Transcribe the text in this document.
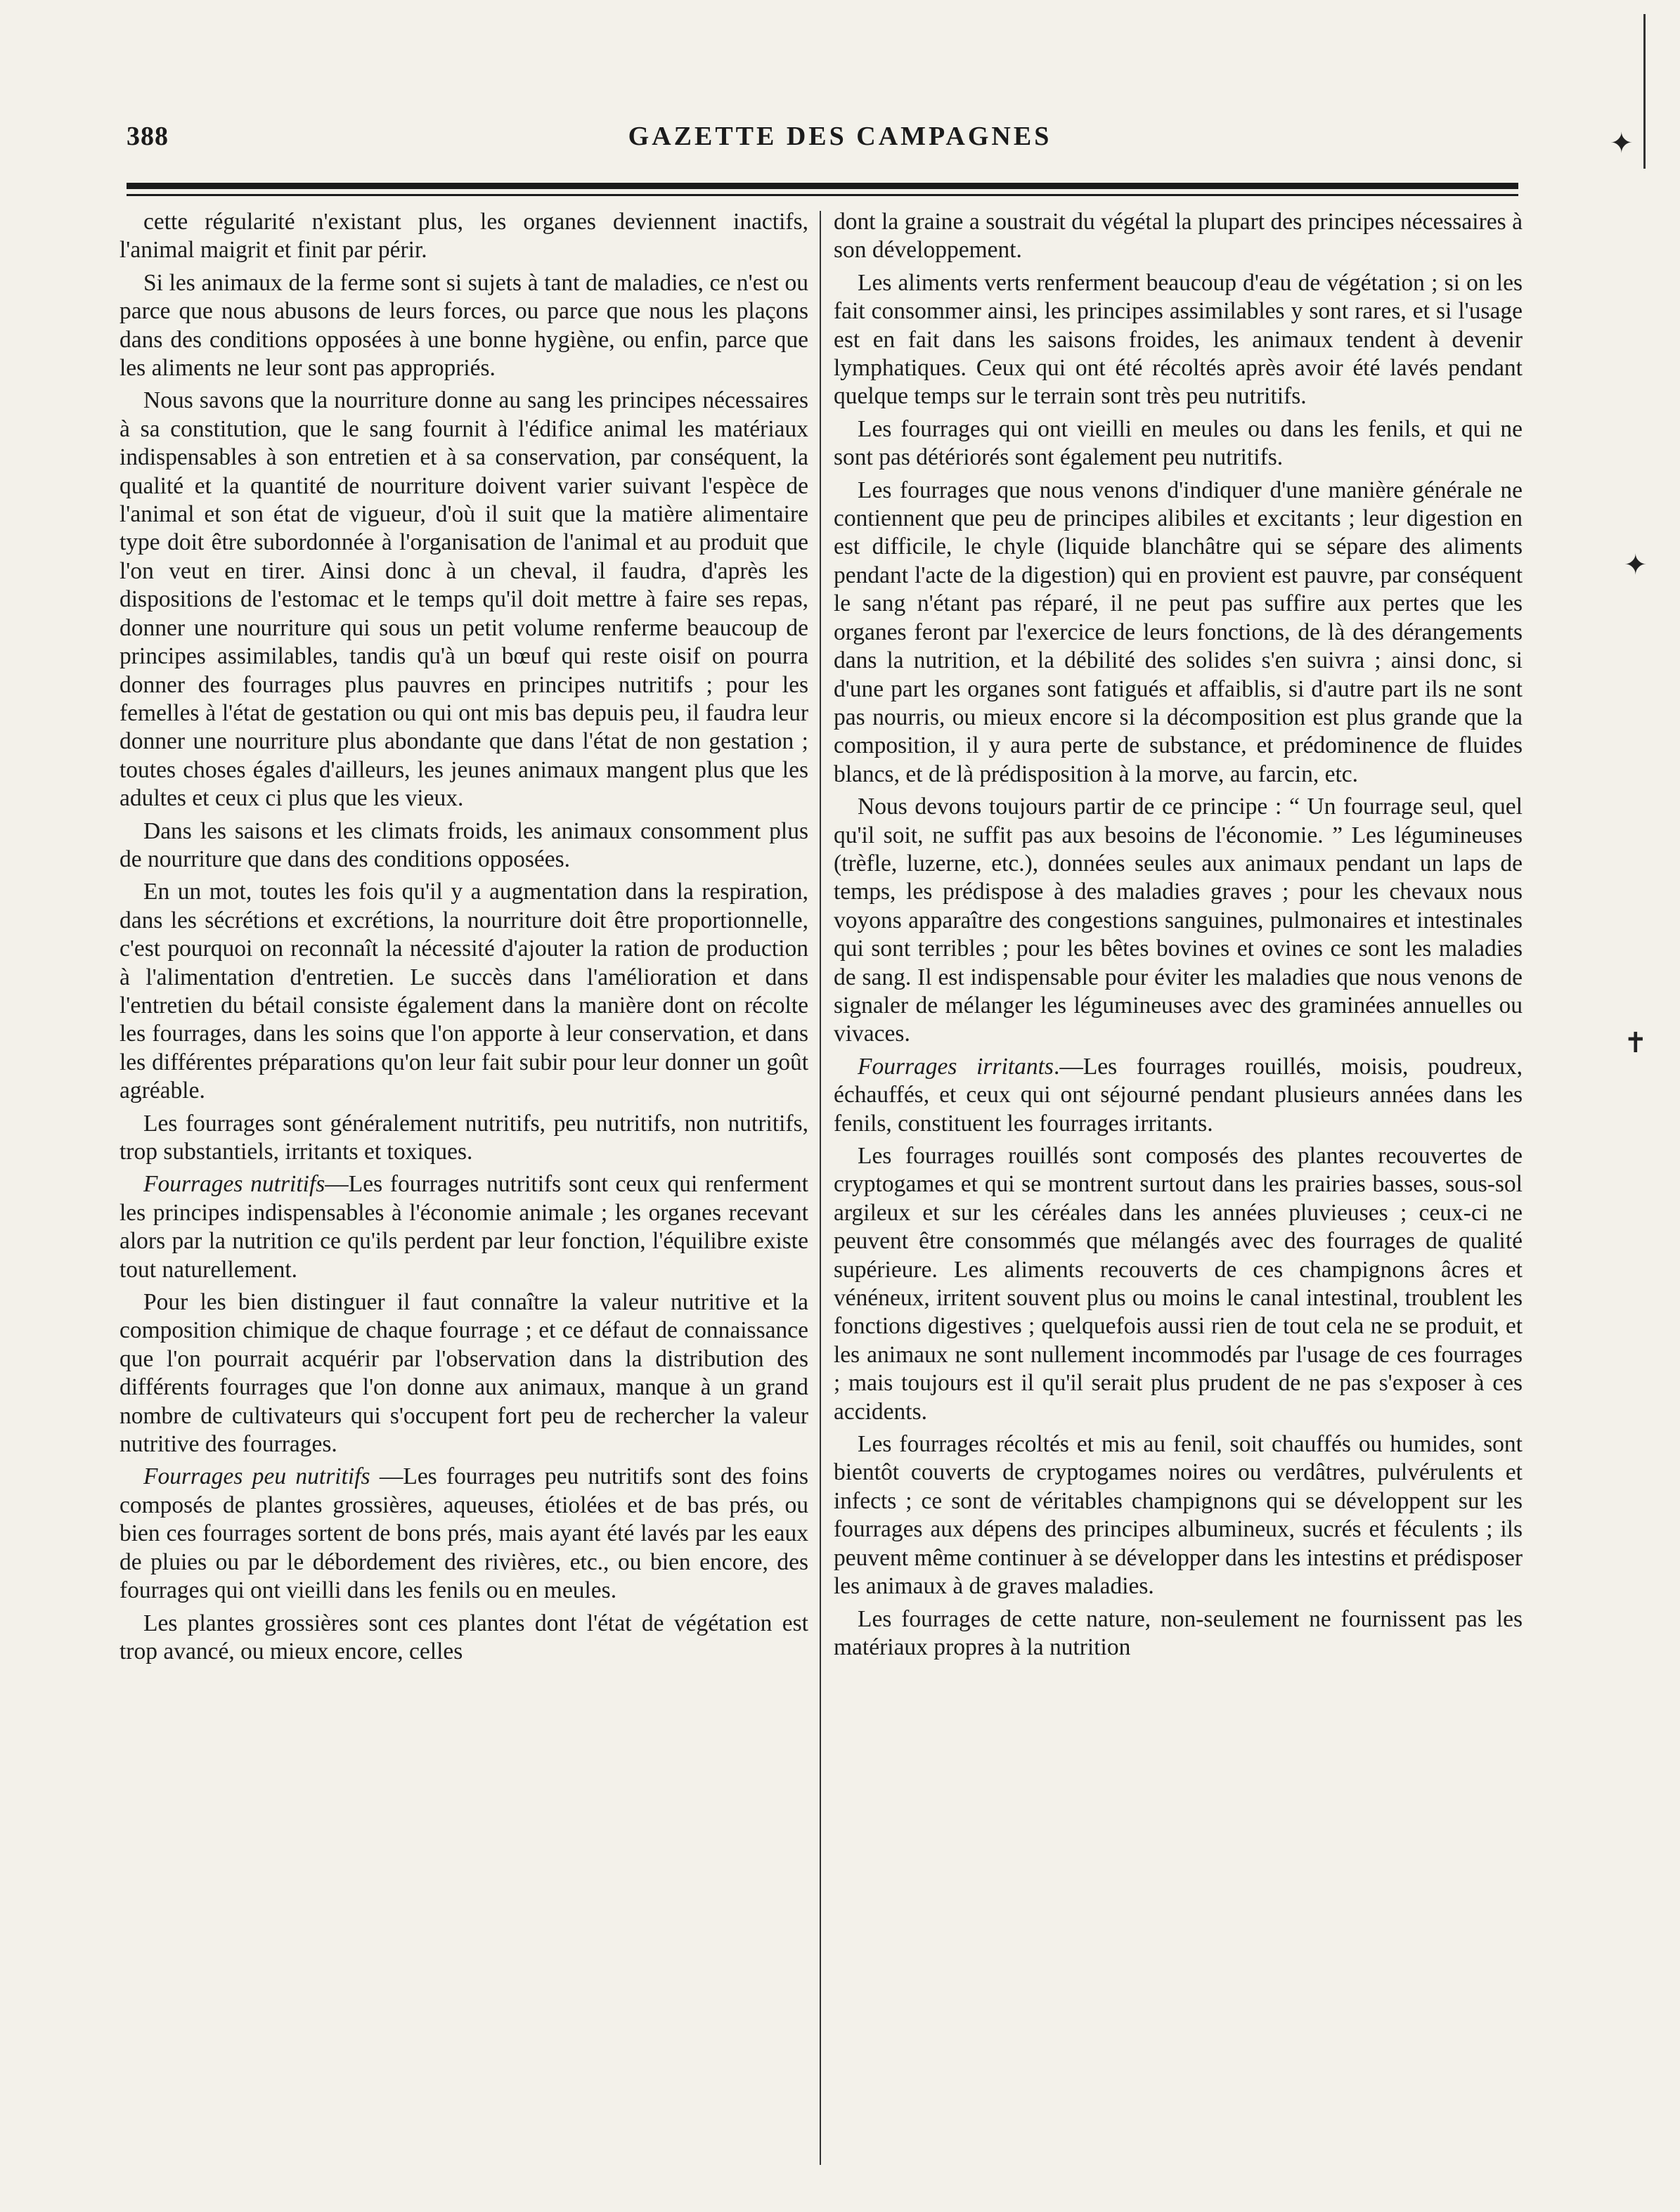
388	GAZETTE DES CAMPAGNES

cette régularité n'existant plus, les organes deviennent inactifs, l'animal maigrit et finit par périr.

Si les animaux de la ferme sont si sujets à tant de maladies, ce n'est ou parce que nous abusons de leurs forces, ou parce que nous les plaçons dans des conditions opposées à une bonne hygiène, ou enfin, parce que les aliments ne leur sont pas appropriés.

Nous savons que la nourriture donne au sang les principes nécessaires à sa constitution, que le sang fournit à l'édifice animal les matériaux indispensables à son entretien et à sa conservation, par conséquent, la qualité et la quantité de nourriture doivent varier suivant l'espèce de l'animal et son état de vigueur, d'où il suit que la matière alimentaire type doit être subordonnée à l'organisation de l'animal et au produit que l'on veut en tirer. Ainsi donc à un cheval, il faudra, d'après les dispositions de l'estomac et le temps qu'il doit mettre à faire ses repas, donner une nourriture qui sous un petit volume renferme beaucoup de principes assimilables, tandis qu'à un bœuf qui reste oisif on pourra donner des fourrages plus pauvres en principes nutritifs ; pour les femelles à l'état de gestation ou qui ont mis bas depuis peu, il faudra leur donner une nourriture plus abondante que dans l'état de non gestation ; toutes choses égales d'ailleurs, les jeunes animaux mangent plus que les adultes et ceux ci plus que les vieux.

Dans les saisons et les climats froids, les animaux consomment plus de nourriture que dans des conditions opposées.

En un mot, toutes les fois qu'il y a augmentation dans la respiration, dans les sécrétions et excrétions, la nourriture doit être proportionnelle, c'est pourquoi on reconnaît la nécessité d'ajouter la ration de production à l'alimentation d'entretien. Le succès dans l'amélioration et dans l'entretien du bétail consiste également dans la manière dont on récolte les fourrages, dans les soins que l'on apporte à leur conservation, et dans les différentes préparations qu'on leur fait subir pour leur donner un goût agréable.

Les fourrages sont généralement nutritifs, peu nutritifs, non nutritifs, trop substantiels, irritants et toxiques.

Fourrages nutritifs—Les fourrages nutritifs sont ceux qui renferment les principes indispensables à l'économie animale ; les organes recevant alors par la nutrition ce qu'ils perdent par leur fonction, l'équilibre existe tout naturellement.

Pour les bien distinguer il faut connaître la valeur nutritive et la composition chimique de chaque fourrage ; et ce défaut de connaissance que l'on pourrait acquérir par l'observation dans la distribution des différents fourrages que l'on donne aux animaux, manque à un grand nombre de cultivateurs qui s'occupent fort peu de rechercher la valeur nutritive des fourrages.

Fourrages peu nutritifs —Les fourrages peu nutritifs sont des foins composés de plantes grossières, aqueuses, étiolées et de bas prés, ou bien ces fourrages sortent de bons prés, mais ayant été lavés par les eaux de pluies ou par le débordement des rivières, etc., ou bien encore, des fourrages qui ont vieilli dans les fenils ou en meules.

Les plantes grossières sont ces plantes dont l'état de végétation est trop avancé, ou mieux encore, celles

dont la graine a soustrait du végétal la plupart des principes nécessaires à son développement.

Les aliments verts renferment beaucoup d'eau de végétation ; si on les fait consommer ainsi, les principes assimilables y sont rares, et si l'usage est en fait dans les saisons froides, les animaux tendent à devenir lymphatiques. Ceux qui ont été récoltés après avoir été lavés pendant quelque temps sur le terrain sont très peu nutritifs.

Les fourrages qui ont vieilli en meules ou dans les fenils, et qui ne sont pas détériorés sont également peu nutritifs.

Les fourrages que nous venons d'indiquer d'une manière générale ne contiennent que peu de principes alibiles et excitants ; leur digestion en est difficile, le chyle (liquide blanchâtre qui se sépare des aliments pendant l'acte de la digestion) qui en provient est pauvre, par conséquent le sang n'étant pas réparé, il ne peut pas suffire aux pertes que les organes feront par l'exercice de leurs fonctions, de là des dérangements dans la nutrition, et la débilité des solides s'en suivra ; ainsi donc, si d'une part les organes sont fatigués et affaiblis, si d'autre part ils ne sont pas nourris, ou mieux encore si la décomposition est plus grande que la composition, il y aura perte de substance, et prédominence de fluides blancs, et de là prédisposition à la morve, au farcin, etc.

Nous devons toujours partir de ce principe : “ Un fourrage seul, quel qu'il soit, ne suffit pas aux besoins de l'économie. ” Les légumineuses (trèfle, luzerne, etc.), données seules aux animaux pendant un laps de temps, les prédispose à des maladies graves ; pour les chevaux nous voyons apparaître des congestions sanguines, pulmonaires et intestinales qui sont terribles ; pour les bêtes bovines et ovines ce sont les maladies de sang. Il est indispensable pour éviter les maladies que nous venons de signaler de mélanger les légumineuses avec des graminées annuelles ou vivaces.

Fourrages irritants.—Les fourrages rouillés, moisis, poudreux, échauffés, et ceux qui ont séjourné pendant plusieurs années dans les fenils, constituent les fourrages irritants.

Les fourrages rouillés sont composés des plantes recouvertes de cryptogames et qui se montrent surtout dans les prairies basses, sous-sol argileux et sur les céréales dans les années pluvieuses ; ceux-ci ne peuvent être consommés que mélangés avec des fourrages de qualité supérieure. Les aliments recouverts de ces champignons âcres et vénéneux, irritent souvent plus ou moins le canal intestinal, troublent les fonctions digestives ; quelquefois aussi rien de tout cela ne se produit, et les animaux ne sont nullement incommodés par l'usage de ces fourrages ; mais toujours est il qu'il serait plus prudent de ne pas s'exposer à ces accidents.

Les fourrages récoltés et mis au fenil, soit chauffés ou humides, sont bientôt couverts de cryptogames noires ou verdâtres, pulvérulents et infects ; ce sont de véritables champignons qui se développent sur les fourrages aux dépens des principes albumineux, sucrés et féculents ; ils peuvent même continuer à se développer dans les intestins et prédisposer les animaux à de graves maladies.

Les fourrages de cette nature, non-seulement ne fournissent pas les matériaux propres à la nutrition

✦
✦
✝
